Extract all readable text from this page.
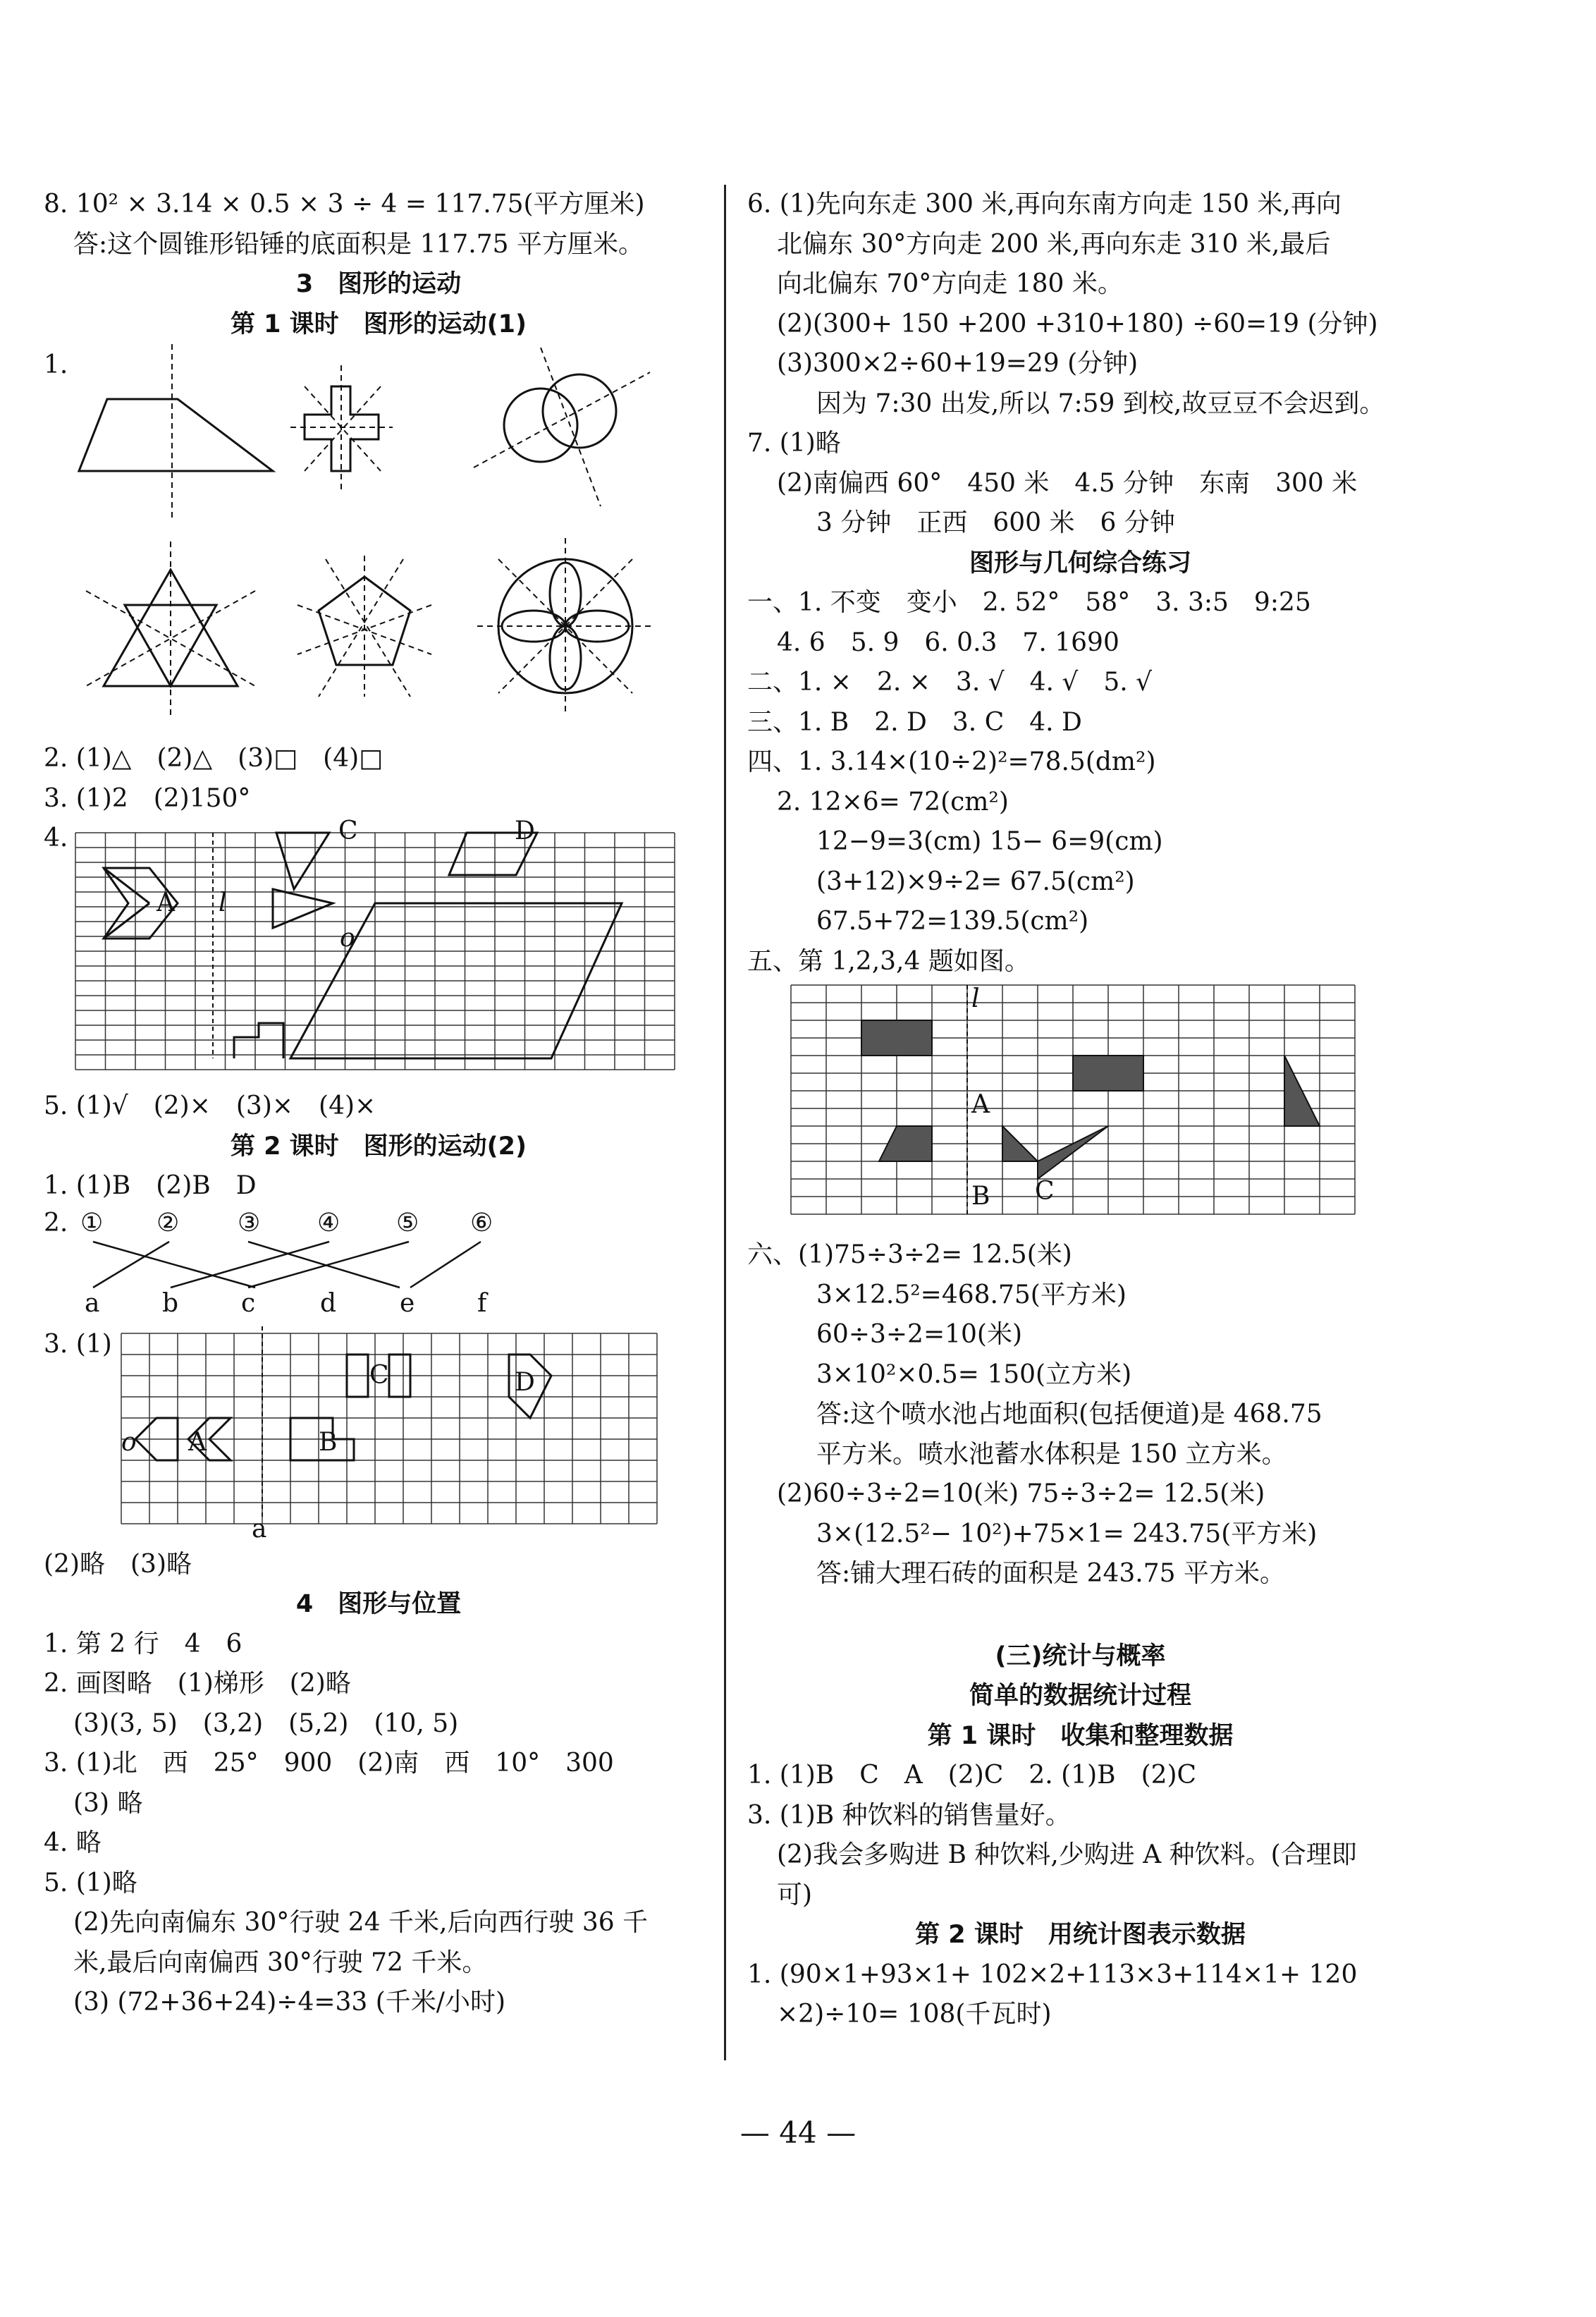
8. 10² × 3.14 × 0.5 × 3 ÷ 4 = 117.75(平方厘米)
答:这个圆锥形铅锤的底面积是 117.75 平方厘米。
3　图形的运动
第 1 课时　图形的运动(1)
1.
2. (1)△　(2)△　(3)□　(4)□
3. (1)2　(2)150°
4.
A l
C	D
o
5. (1)√　(2)×　(3)×　(4)×
第 2 课时　图形的运动(2)
1. (1)B　(2)B　D
2. ① ② ③ ④ ⑤ ⑥
a b c	d e f
3. (1)
A	B
C	D
o
a
(2)略　(3)略
4　图形与位置
1. 第 2 行　4　6
2. 画图略　(1)梯形　(2)略
(3)(3, 5)　(3,2)　(5,2)　(10, 5)
3. (1)北　西　25°　900　(2)南　西　10°　300
(3) 略
4. 略
5. (1)略
(2)先向南偏东 30°行驶 24 千米,后向西行驶 36 千
米,最后向南偏西 30°行驶 72 千米。
(3) (72+36+24)÷4=33 (千米/小时)
6. (1)先向东走 300 米,再向东南方向走 150 米,再向
北偏东 30°方向走 200 米,再向东走 310 米,最后
向北偏东 70°方向走 180 米。
(2)(300+ 150 +200 +310+180) ÷60=19 (分钟)
(3)300×2÷60+19=29 (分钟)
因为 7:30 出发,所以 7:59 到校,故豆豆不会迟到。
7. (1)略
(2)南偏西 60°　450 米　4.5 分钟　东南　300 米
3 分钟　正西　600 米　6 分钟
图形与几何综合练习
一、1. 不变　变小　2. 52°　58°　3. 3:5　9:25
4. 6　5. 9　6. 0.3　7. 1690
二、1. ×　2. ×　3. √　4. √　5. √
三、1. B　2. D　3. C　4. D
四、1. 3.14×(10÷2)²=78.5(dm²)
2. 12×6= 72(cm²)
12−9=3(cm) 15− 6=9(cm)
(3+12)×9÷2= 67.5(cm²)
67.5+72=139.5(cm²)
五、第 1,2,3,4 题如图。
l
A
B C
六、(1)75÷3÷2= 12.5(米)
3×12.5²=468.75(平方米)
60÷3÷2=10(米)
3×10²×0.5= 150(立方米)
答:这个喷水池占地面积(包括便道)是 468.75
平方米。喷水池蓄水体积是 150 立方米。
(2)60÷3÷2=10(米) 75÷3÷2= 12.5(米)
3×(12.5²− 10²)+75×1= 243.75(平方米)
答:铺大理石砖的面积是 243.75 平方米。
(三)统计与概率
简单的数据统计过程
第 1 课时　收集和整理数据
1. (1)B　C　A　(2)C　2. (1)B　(2)C
3. (1)B 种饮料的销售量好。
(2)我会多购进 B 种饮料,少购进 A 种饮料。(合理即
可)
第 2 课时　用统计图表示数据
1. (90×1+93×1+ 102×2+113×3+114×1+ 120
×2)÷10= 108(千瓦时)
— 44 —
